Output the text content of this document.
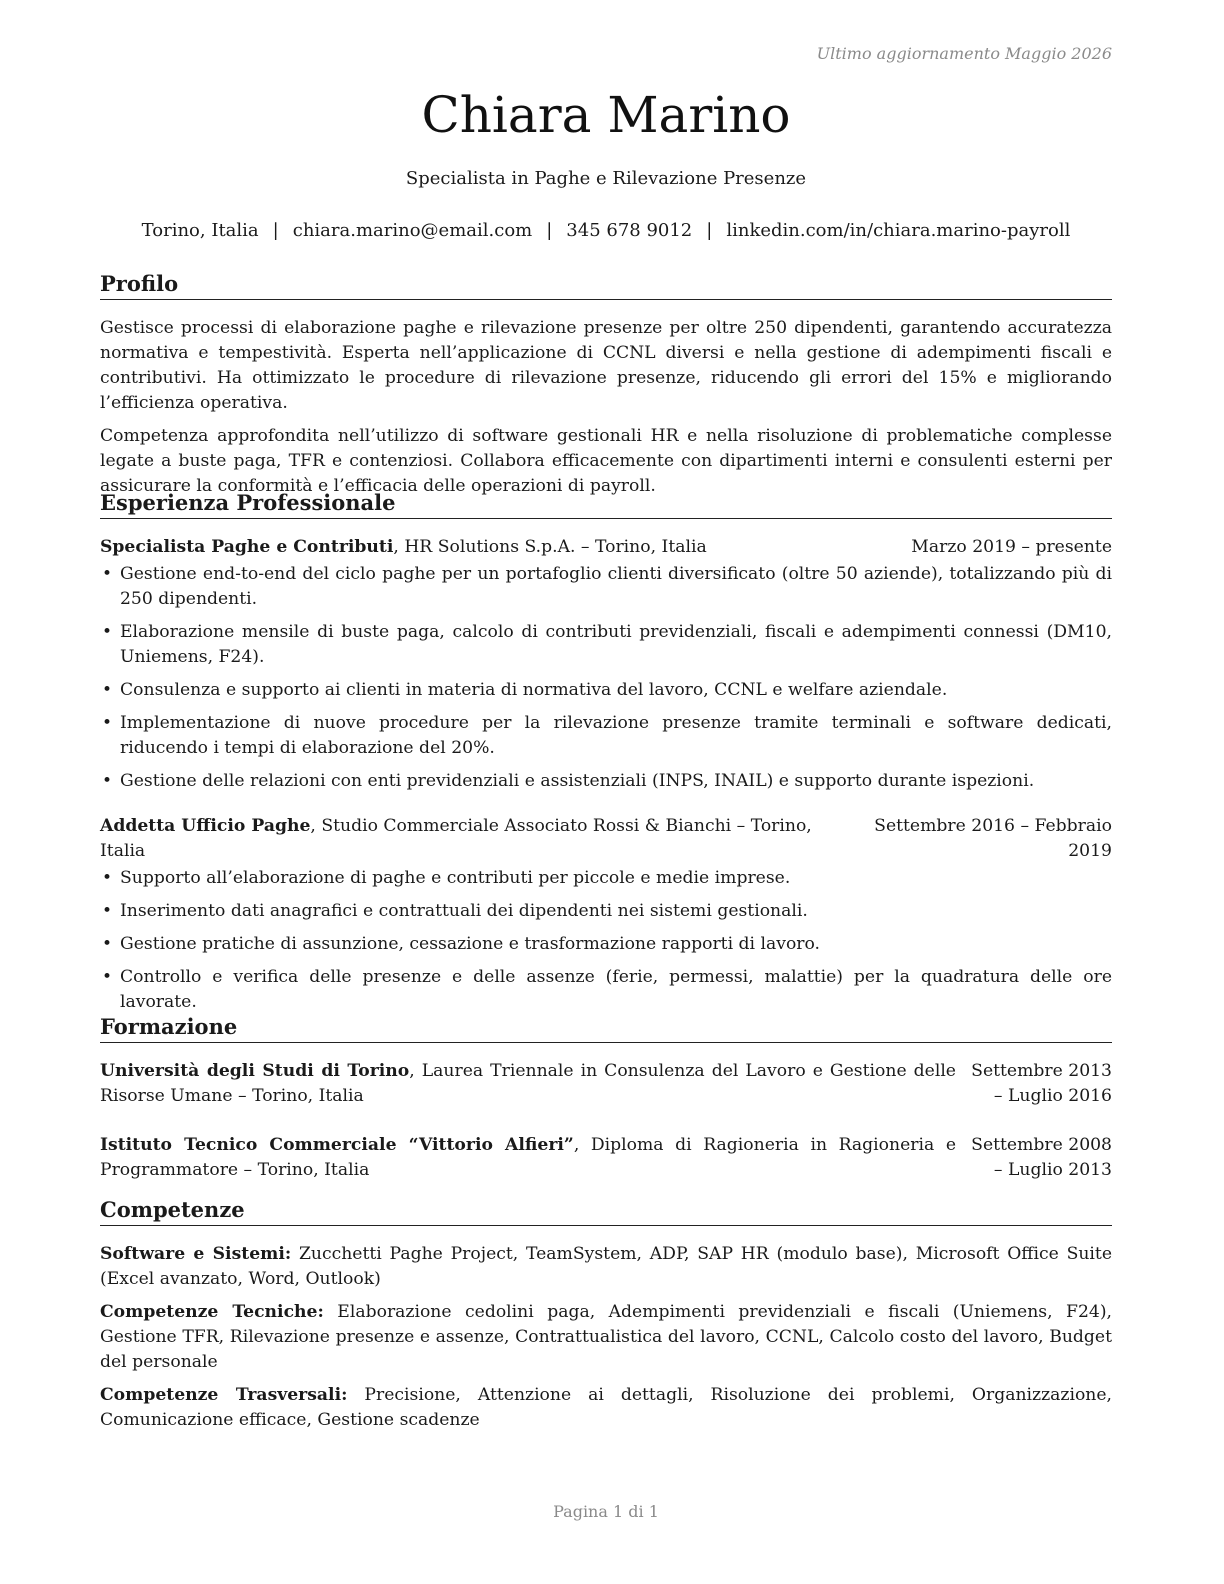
Ultimo aggiornamento Maggio 2026
Chiara Marino
Specialista in Paghe e Rilevazione Presenze
Torino, Italia | chiara.marino@email.com | 345 678 9012 | linkedin.com/in/chiara.marino-payroll
Profilo

Gestisce processi di elaborazione paghe e rilevazione presenze per oltre 250 dipendenti, garantendo accuratezza normativa e tempestività. Esperta nell’applicazione di CCNL diversi e nella gestione di adempimenti fiscali e contributivi. Ha ottimizzato le procedure di rilevazione presenze, riducendo gli errori del 15% e migliorando l’efficienza operativa.

Competenza approfondita nell’utilizzo di software gestionali HR e nella risoluzione di problematiche complesse legate a buste paga, TFR e contenziosi. Collabora efficacemente con dipartimenti interni e consulenti esterni per assicurare la conformità e l’efficacia delle operazioni di payroll.

Esperienza Professionale
Specialista Paghe e Contributi, HR Solutions S.p.A. – Torino, Italia	Marzo 2019 – presente
• Gestione end-to-end del ciclo paghe per un portafoglio clienti diversificato (oltre 50 aziende), totalizzando più di 250 dipendenti.
• Elaborazione mensile di buste paga, calcolo di contributi previdenziali, fiscali e adempimenti connessi (DM10, Uniemens, F24).
• Consulenza e supporto ai clienti in materia di normativa del lavoro, CCNL e welfare aziendale.
• Implementazione di nuove procedure per la rilevazione presenze tramite terminali e software dedicati, riducendo i tempi di elaborazione del 20%.
• Gestione delle relazioni con enti previdenziali e assistenziali (INPS, INAIL) e supporto durante ispezioni.
Addetta Ufficio Paghe, Studio Commerciale Associato Rossi & Bianchi – Torino, Italia
Settembre 2016 – Febbraio 2019
• Supporto all’elaborazione di paghe e contributi per piccole e medie imprese.
• Inserimento dati anagrafici e contrattuali dei dipendenti nei sistemi gestionali.
• Gestione pratiche di assunzione, cessazione e trasformazione rapporti di lavoro.
• Controllo e verifica delle presenze e delle assenze (ferie, permessi, malattie) per la quadratura delle ore lavorate.
Formazione
Università degli Studi di Torino, Laurea Triennale in Consulenza del Lavoro e Gestione delle Risorse Umane – Torino, Italia
Settembre 2013 – Luglio 2016
Istituto Tecnico Commerciale “Vittorio Alfieri”, Diploma di Ragioneria in Ragioneria e Programmatore – Torino, Italia
Settembre 2008 – Luglio 2013
Competenze
Software e Sistemi: Zucchetti Paghe Project, TeamSystem, ADP, SAP HR (modulo base), Microsoft Office Suite (Excel avanzato, Word, Outlook)
Competenze Tecniche: Elaborazione cedolini paga, Adempimenti previdenziali e fiscali (Uniemens, F24), Gestione TFR, Rilevazione presenze e assenze, Contrattualistica del lavoro, CCNL, Calcolo costo del lavoro, Budget del personale
Competenze Trasversali: Precisione, Attenzione ai dettagli, Risoluzione dei problemi, Organizzazione, Comunicazione efficace, Gestione scadenze
Pagina 1 di 1
